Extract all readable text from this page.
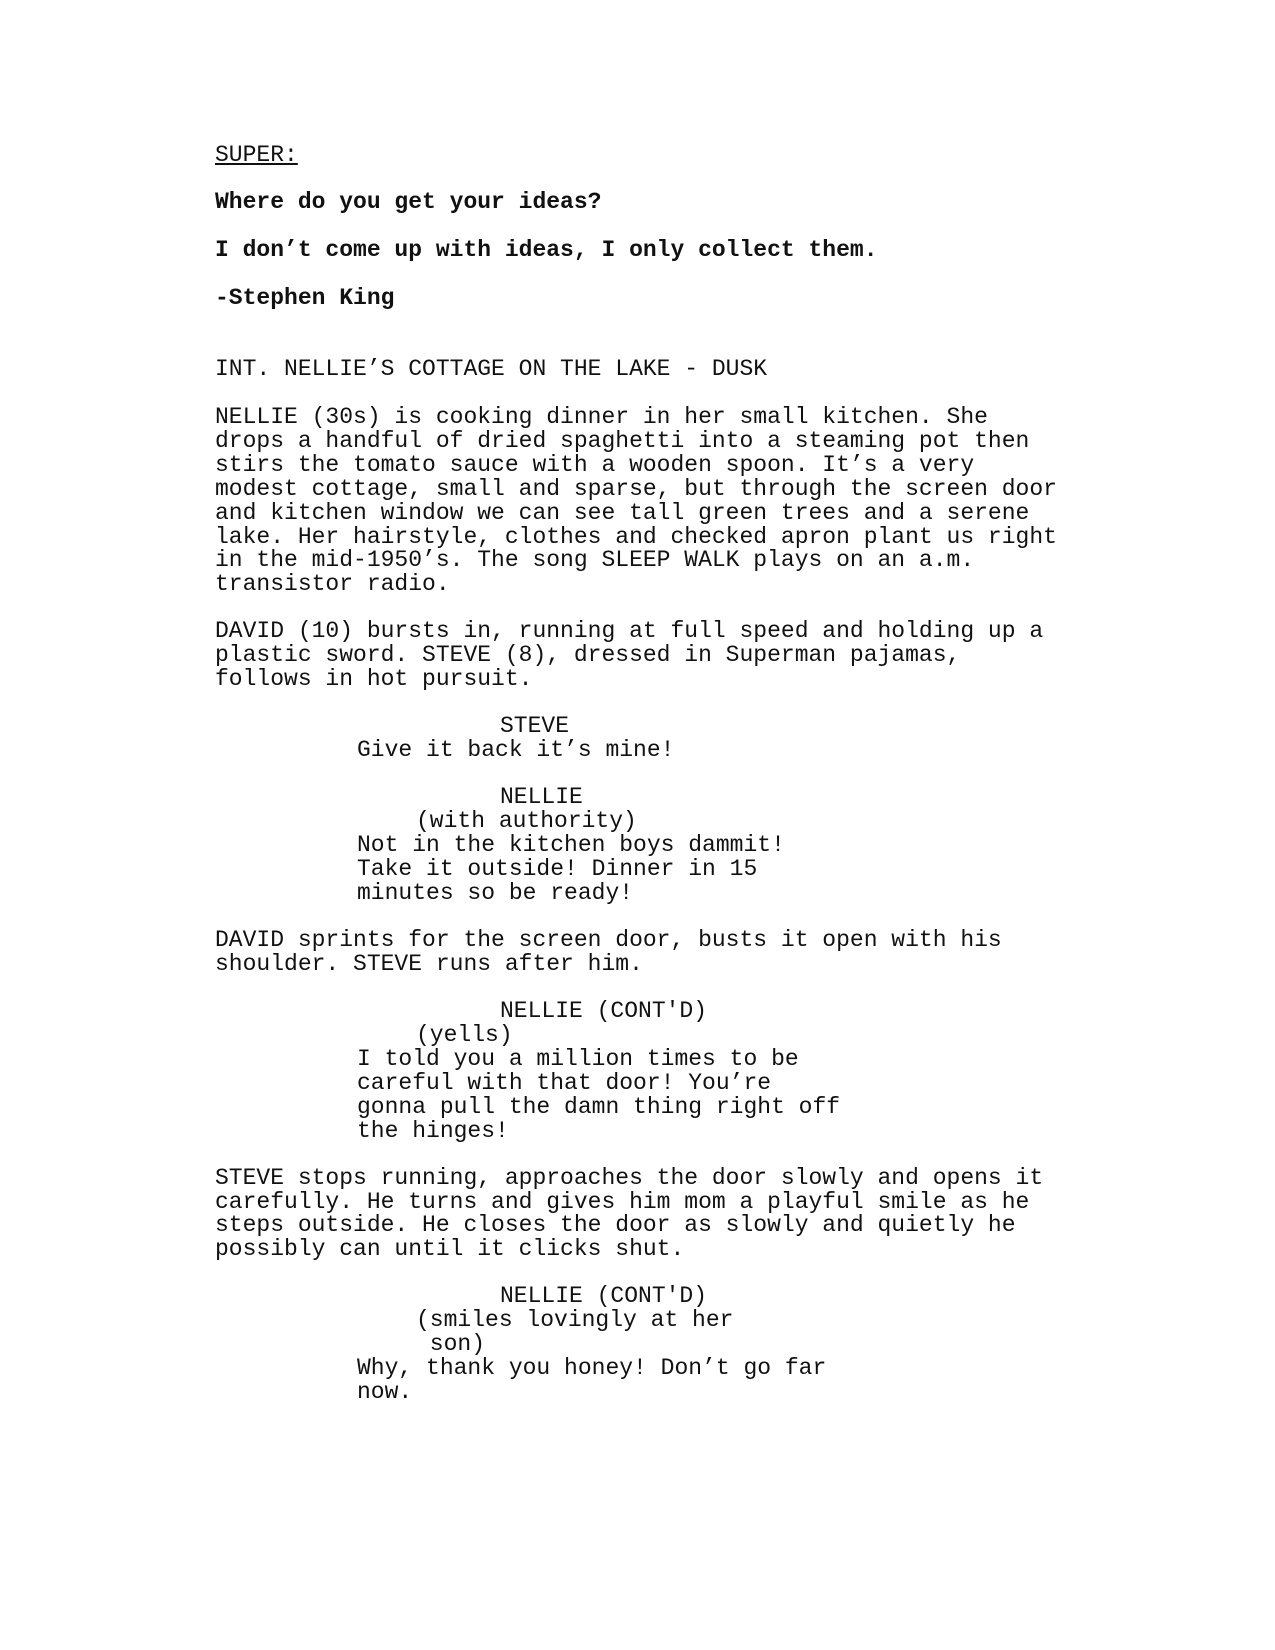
SUPER:
Where do you get your ideas?
I don’t come up with ideas, I only collect them.
-Stephen King
INT. NELLIE’S COTTAGE ON THE LAKE - DUSK
NELLIE (30s) is cooking dinner in her small kitchen. She
drops a handful of dried spaghetti into a steaming pot then
stirs the tomato sauce with a wooden spoon. It’s a very
modest cottage, small and sparse, but through the screen door
and kitchen window we can see tall green trees and a serene
lake. Her hairstyle, clothes and checked apron plant us right
in the mid-1950’s. The song SLEEP WALK plays on an a.m.
transistor radio.
DAVID (10) bursts in, running at full speed and holding up a
plastic sword. STEVE (8), dressed in Superman pajamas,
follows in hot pursuit.
STEVE
Give it back it’s mine!
NELLIE
(with authority)
Not in the kitchen boys dammit!
Take it outside! Dinner in 15
minutes so be ready!
DAVID sprints for the screen door, busts it open with his
shoulder. STEVE runs after him.
NELLIE (CONT'D)
(yells)
I told you a million times to be
careful with that door! You’re
gonna pull the damn thing right off
the hinges!
STEVE stops running, approaches the door slowly and opens it
carefully. He turns and gives him mom a playful smile as he
steps outside. He closes the door as slowly and quietly he
possibly can until it clicks shut.
NELLIE (CONT'D)
(smiles lovingly at her
son)
Why, thank you honey! Don’t go far
now.
